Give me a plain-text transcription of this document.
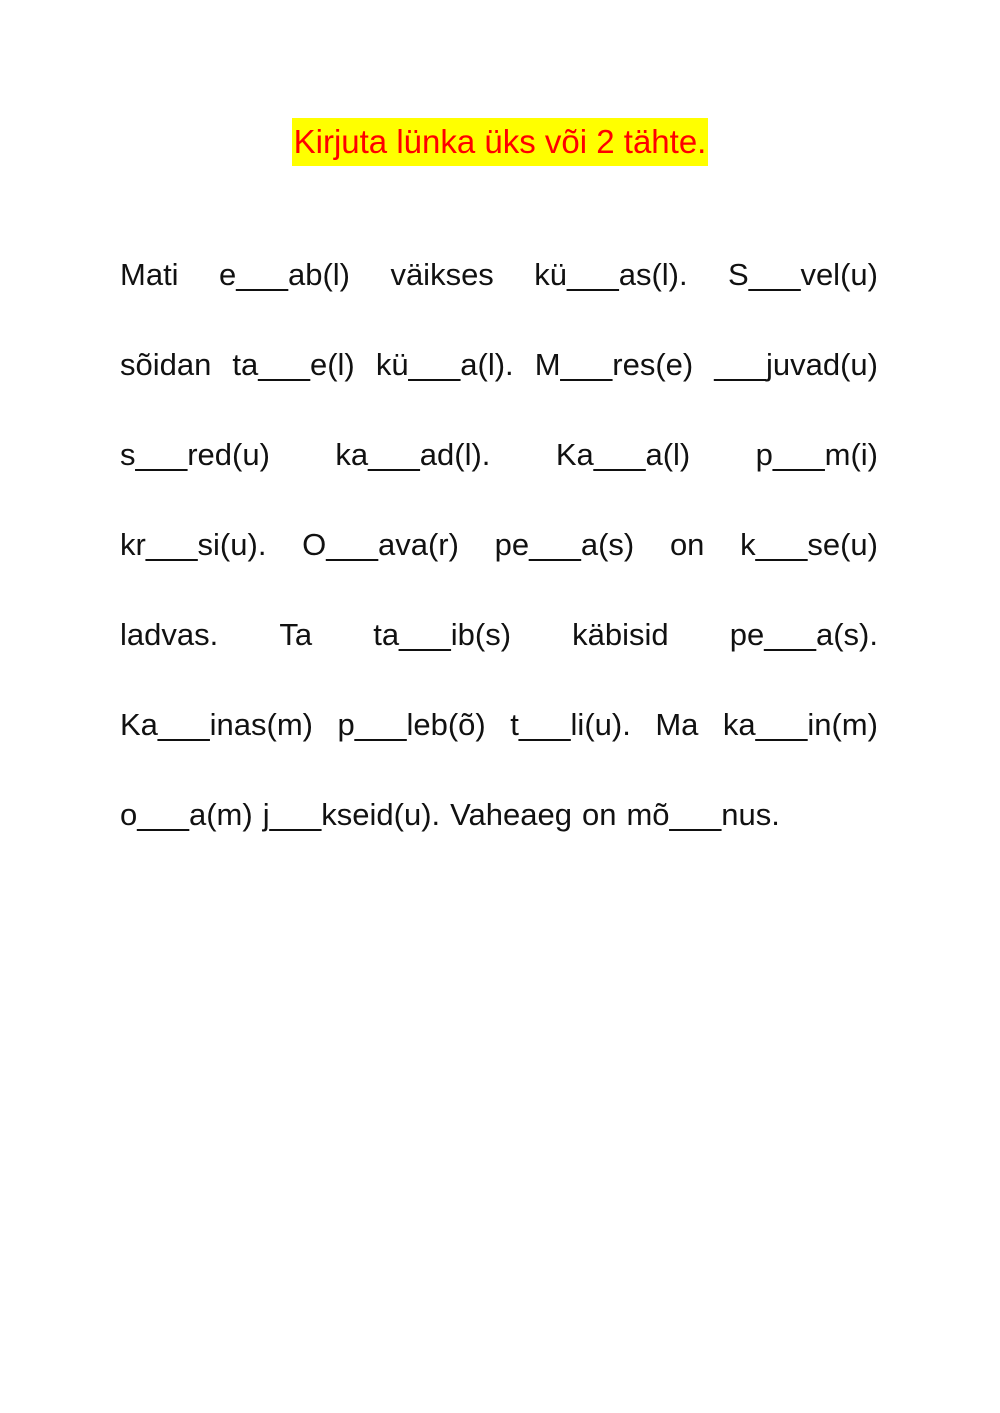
Kirjuta lünka üks või 2 tähte.
Mati e___ab(l) väikses kü___as(l). S___vel(u)
sõidan ta___e(l) kü___a(l). M___res(e) ___juvad(u)
s___red(u) ka___ad(l). Ka___a(l) p___m(i)
kr___si(u). O___ava(r) pe___a(s) on k___se(u)
ladvas. Ta ta___ib(s) käbisid pe___a(s).
Ka___inas(m) p___leb(õ) t___li(u). Ma ka___in(m)
o___a(m) j___kseid(u). Vaheaeg on mõ___nus.
